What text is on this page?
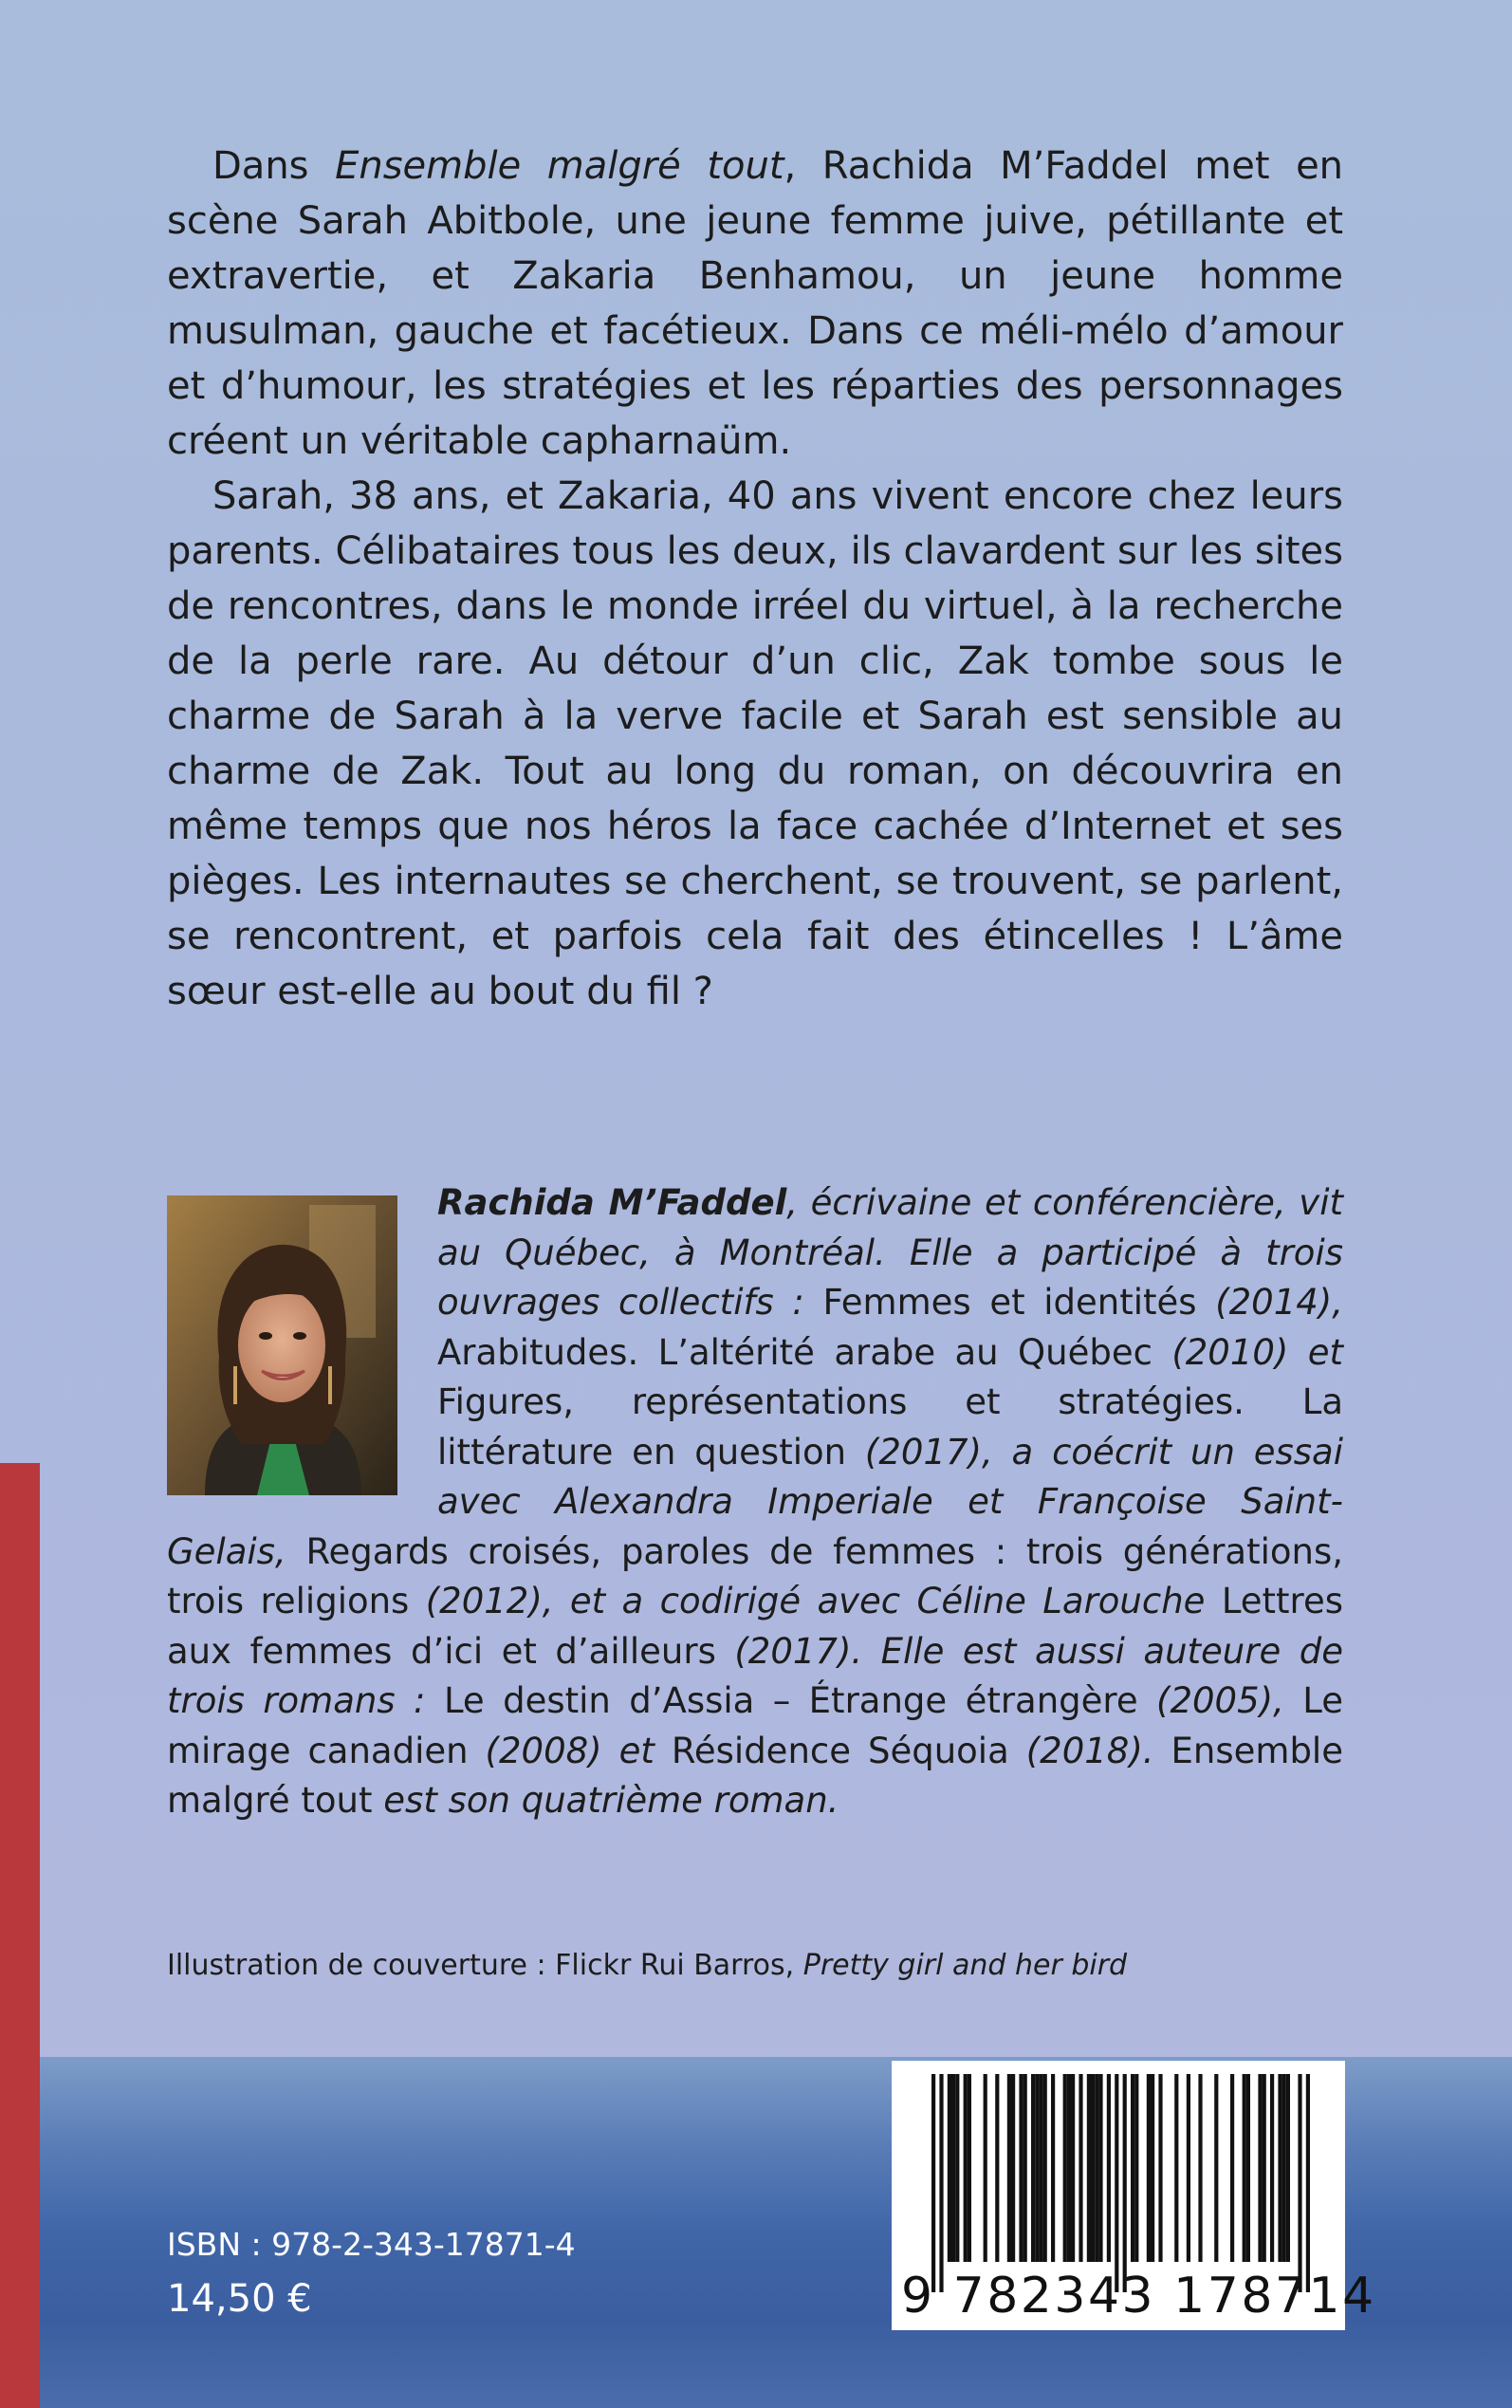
Dans Ensemble malgré tout, Rachida M’Faddel met en scène Sarah Abitbole, une jeune femme juive, pétillante et extravertie, et Zakaria Benhamou, un jeune homme musulman, gauche et facétieux. Dans ce méli-mélo d’amour et d’humour, les stratégies et les réparties des personnages créent un véritable capharnaüm.

Sarah, 38 ans, et Zakaria, 40 ans vivent encore chez leurs parents. Célibataires tous les deux, ils clavardent sur les sites de rencontres, dans le monde irréel du virtuel, à la recherche de la perle rare. Au détour d’un clic, Zak tombe sous le charme de Sarah à la verve facile et Sarah est sensible au charme de Zak. Tout au long du roman, on découvrira en même temps que nos héros la face cachée d’Internet et ses pièges. Les internautes se cherchent, se trouvent, se parlent, se rencontrent, et parfois cela fait des étincelles ! L’âme sœur est-elle au bout du fil ?

Rachida M’Faddel, écrivaine et conférencière, vit au Québec, à Montréal. Elle a participé à trois ouvrages collectifs : Femmes et identités (2014), Arabitudes. L’altérité arabe au Québec (2010) et Figures, représentations et stratégies. La littérature en question (2017), a coécrit un essai avec Alexandra Imperiale et Françoise Saint-Gelais, Regards croisés, paroles de femmes : trois générations, trois religions (2012), et a codirigé avec Céline Larouche Lettres aux femmes d’ici et d’ailleurs (2017). Elle est aussi auteure de trois romans : Le destin d’Assia – Étrange étrangère (2005), Le mirage canadien (2008) et Résidence Séquoia (2018). Ensemble malgré tout est son quatrième roman.
Illustration de couverture : Flickr Rui Barros, Pretty girl and her bird
ISBN : 978-2-343-17871-4
14,50 €	9 782343 178714
